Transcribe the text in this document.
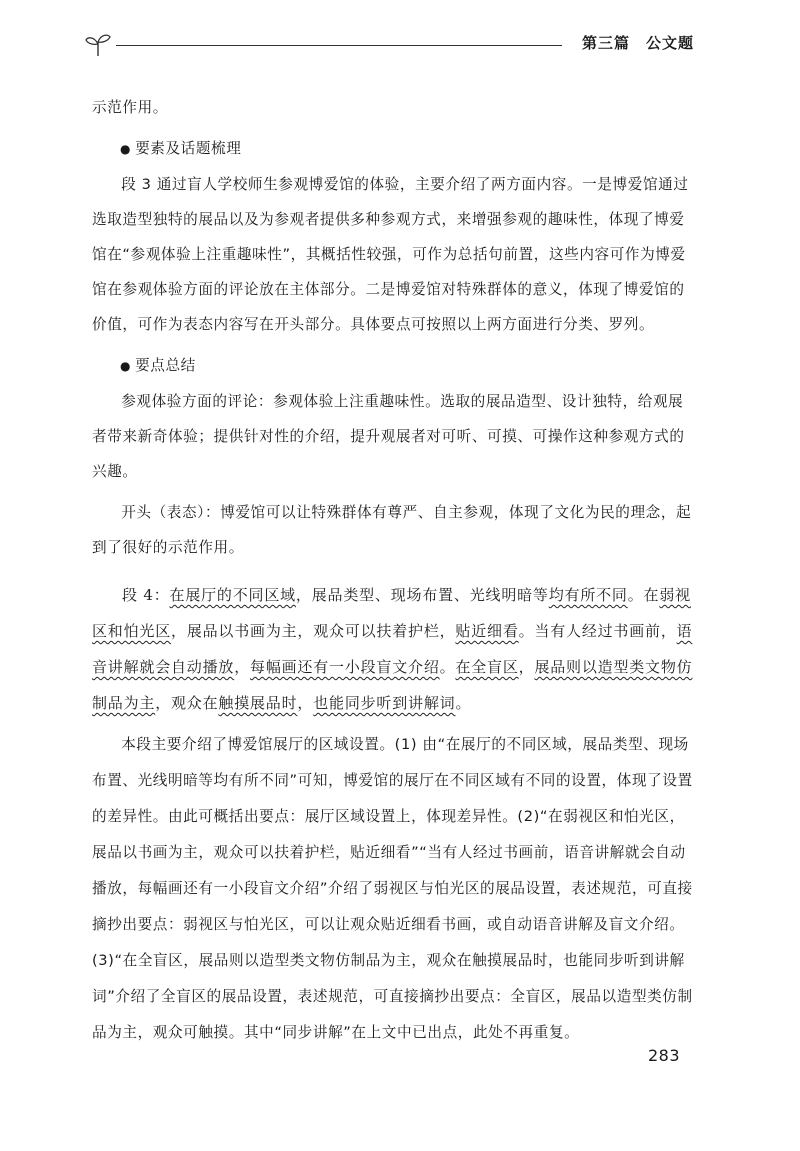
第三篇　公文题

示范作用。

● 要素及话题梳理

段 3 通过盲人学校师生参观博爱馆的体验，主要介绍了两方面内容。一是博爱馆通过选取造型独特的展品以及为参观者提供多种参观方式，来增强参观的趣味性，体现了博爱馆在“参观体验上注重趣味性”，其概括性较强，可作为总括句前置，这些内容可作为博爱馆在参观体验方面的评论放在主体部分。二是博爱馆对特殊群体的意义，体现了博爱馆的价值，可作为表态内容写在开头部分。具体要点可按照以上两方面进行分类、罗列。

● 要点总结

参观体验方面的评论：参观体验上注重趣味性。选取的展品造型、设计独特，给观展者带来新奇体验；提供针对性的介绍，提升观展者对可听、可摸、可操作这种参观方式的兴趣。

开头（表态）：博爱馆可以让特殊群体有尊严、自主参观，体现了文化为民的理念，起到了很好的示范作用。

段 4：在展厅的不同区域，展品类型、现场布置、光线明暗等均有所不同。在弱视区和怕光区，展品以书画为主，观众可以扶着护栏，贴近细看。当有人经过书画前，语音讲解就会自动播放，每幅画还有一小段盲文介绍。在全盲区，展品则以造型类文物仿制品为主，观众在触摸展品时，也能同步听到讲解词。

本段主要介绍了博爱馆展厅的区域设置。(1) 由“在展厅的不同区域，展品类型、现场布置、光线明暗等均有所不同”可知，博爱馆的展厅在不同区域有不同的设置，体现了设置的差异性。由此可概括出要点：展厅区域设置上，体现差异性。(2)“在弱视区和怕光区，展品以书画为主，观众可以扶着护栏，贴近细看”“当有人经过书画前，语音讲解就会自动播放，每幅画还有一小段盲文介绍”介绍了弱视区与怕光区的展品设置，表述规范，可直接摘抄出要点：弱视区与怕光区，可以让观众贴近细看书画，或自动语音讲解及盲文介绍。(3)“在全盲区，展品则以造型类文物仿制品为主，观众在触摸展品时，也能同步听到讲解词”介绍了全盲区的展品设置，表述规范，可直接摘抄出要点：全盲区，展品以造型类仿制品为主，观众可触摸。其中“同步讲解”在上文中已出点，此处不再重复。

283
